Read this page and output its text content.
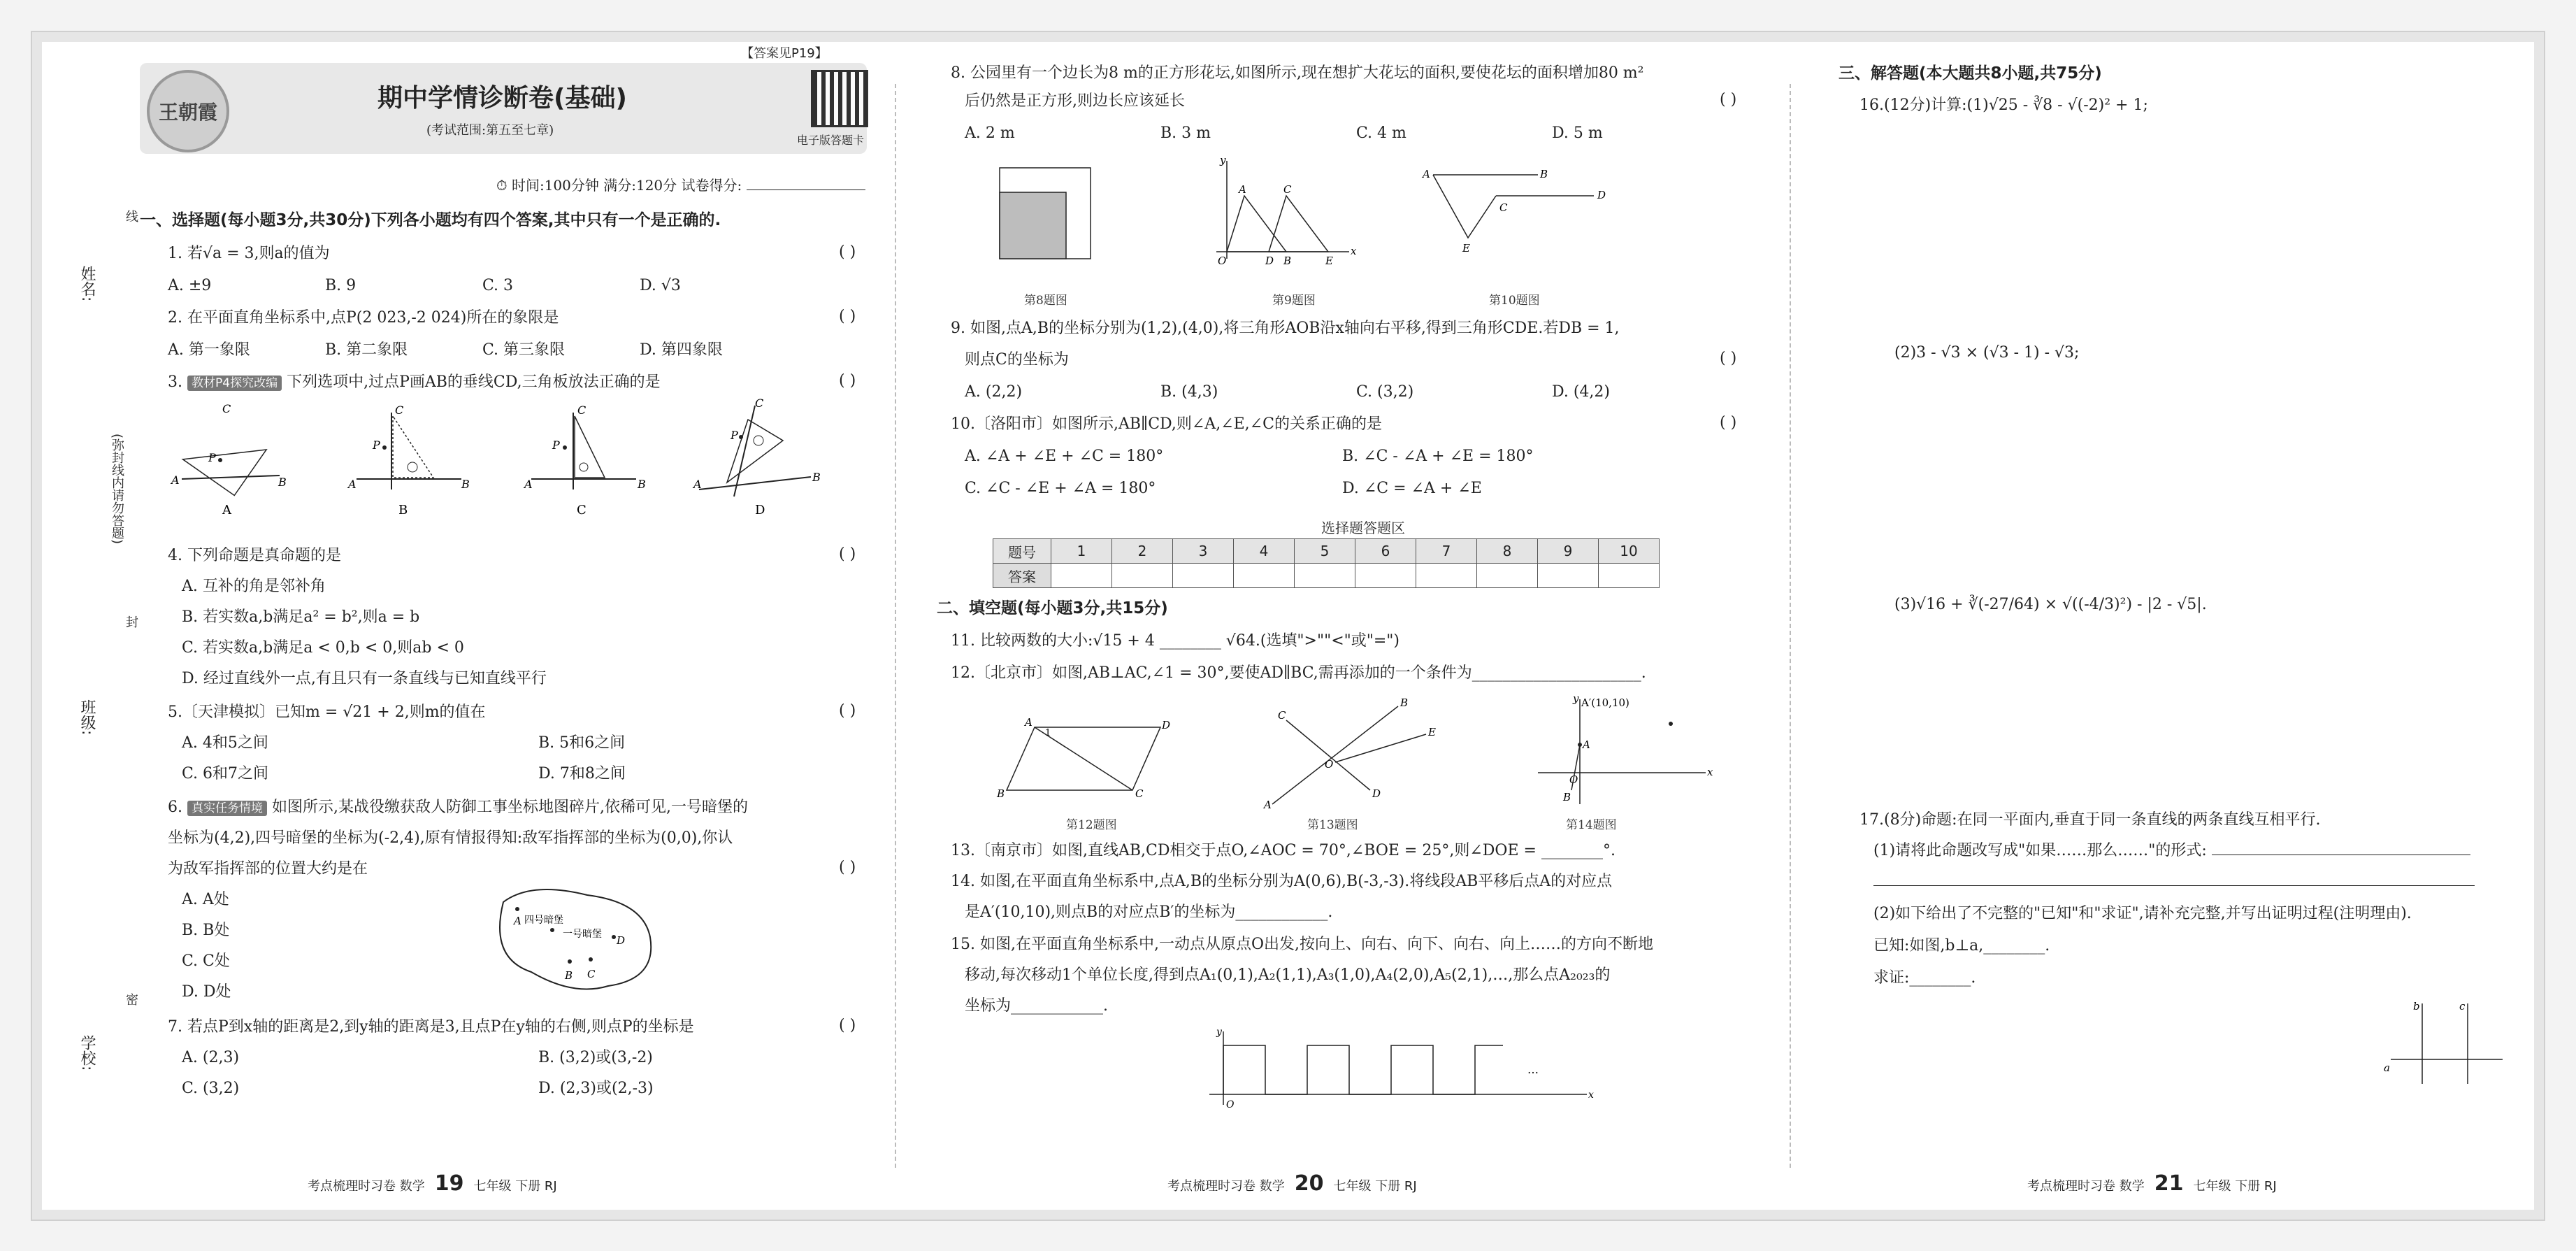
姓名:
线
(弥封线内请勿答题)
封
班级:
密
学校:
王朝霞	期中学情诊断卷(基础)
(考试范围:第五至七章)
电子版答题卡
【答案见P19】
⏱ 时间:100分钟 满分:120分 试卷得分:
一、选择题(每小题3分,共30分)下列各小题均有四个答案,其中只有一个是正确的.
1. 若√a = 3,则a的值为	( )
A. ±9	B. 9	C. 3	D. √3
2. 在平面直角坐标系中,点P(2 023,-2 024)所在的象限是	( )
A. 第一象限	B. 第二象限	C. 第三象限	D. 第四象限
3. 教材P4探究改编 下列选项中,过点P画AB的垂线CD,三角板放法正确的是	( )
P
C
A	B
A
P
C
A	B
B
P
C
A	B
C
P
C
A
B
D
4. 下列命题是真命题的是	( )
A. 互补的角是邻补角
B. 若实数a,b满足a² = b²,则a = b
C. 若实数a,b满足a < 0,b < 0,则ab < 0
D. 经过直线外一点,有且只有一条直线与已知直线平行
5.〔天津模拟〕已知m = √21 + 2,则m的值在	( )
A. 4和5之间	B. 5和6之间
C. 6和7之间	D. 7和8之间
6. 真实任务情境 如图所示,某战役缴获敌人防御工事坐标地图碎片,依稀可见,一号暗堡的
坐标为(4,2),四号暗堡的坐标为(-2,4),原有情报得知:敌军指挥部的坐标为(0,0),你认
为敌军指挥部的位置大约是在	( )
A. A处
B. B处
C. C处
D. D处
A
D
B C
四号暗堡
一号暗堡
7. 若点P到x轴的距离是2,到y轴的距离是3,且点P在y轴的右侧,则点P的坐标是	( )
A. (2,3)	B. (3,2)或(3,-2)
C. (3,2)	D. (2,3)或(2,-3)
考点梳理时习卷 数学 19 七年级 下册 RJ
8. 公园里有一个边长为8 m的正方形花坛,如图所示,现在想扩大花坛的面积,要使花坛的面积增加80 m²
后仍然是正方形,则边长应该延长	( )
A. 2 m	B. 3 m	C. 4 m	D. 5 m
y
x
O
A	C
D B	E
A	B
C
D
E
第8题图	第9题图	第10题图
9. 如图,点A,B的坐标分别为(1,2),(4,0),将三角形AOB沿x轴向右平移,得到三角形CDE.若DB = 1,
则点C的坐标为	( )
A. (2,2)	B. (4,3)	C. (3,2)	D. (4,2)
10.〔洛阳市〕如图所示,AB∥CD,则∠A,∠E,∠C的关系正确的是	( )
A. ∠A + ∠E + ∠C = 180°	B. ∠C - ∠A + ∠E = 180°
C. ∠C - ∠E + ∠A = 180°	D. ∠C = ∠A + ∠E
选择题答题区
题号	1	2	3	4	5	6	7	8	9	10
答案										
二、填空题(每小题3分,共15分)
11. 比较两数的大小:√15 + 4 ________ √64.(选填">""<"或"=")
12.〔北京市〕如图,AB⊥AC,∠1 = 30°,要使AD∥BC,需再添加的一个条件为______________________.
A	D
B	C
1
C
B
E
O
A
D
y
x
A
A′(10,10)
O
B
第12题图	第13题图	第14题图
13.〔南京市〕如图,直线AB,CD相交于点O,∠AOC = 70°,∠BOE = 25°,则∠DOE = ________°.
14. 如图,在平面直角坐标系中,点A,B的坐标分别为A(0,6),B(-3,-3).将线段AB平移后点A的对应点
是A′(10,10),则点B的对应点B′的坐标为____________.
15. 如图,在平面直角坐标系中,一动点从原点O出发,按向上、向右、向下、向右、向上……的方向不断地
移动,每次移动1个单位长度,得到点A₁(0,1),A₂(1,1),A₃(1,0),A₄(2,0),A₅(2,1),…,那么点A₂₀₂₃的
坐标为____________.
y
x
O
…
考点梳理时习卷 数学 20 七年级 下册 RJ
三、解答题(本大题共8小题,共75分)
16.(12分)计算:(1)√25 - ∛8 - √(-2)² + 1;
(2)3 - √3 × (√3 - 1) - √3;
(3)√16 + ∛(-27/64) × √((-4/3)²) - |2 - √5|.
17.(8分)命题:在同一平面内,垂直于同一条直线的两条直线互相平行.
(1)请将此命题改写成"如果……那么……"的形式:
(2)如下给出了不完整的"已知"和"求证",请补充完整,并写出证明过程(注明理由).
已知:如图,b⊥a,________.
求证:________.
a
b	c
考点梳理时习卷 数学 21 七年级 下册 RJ
